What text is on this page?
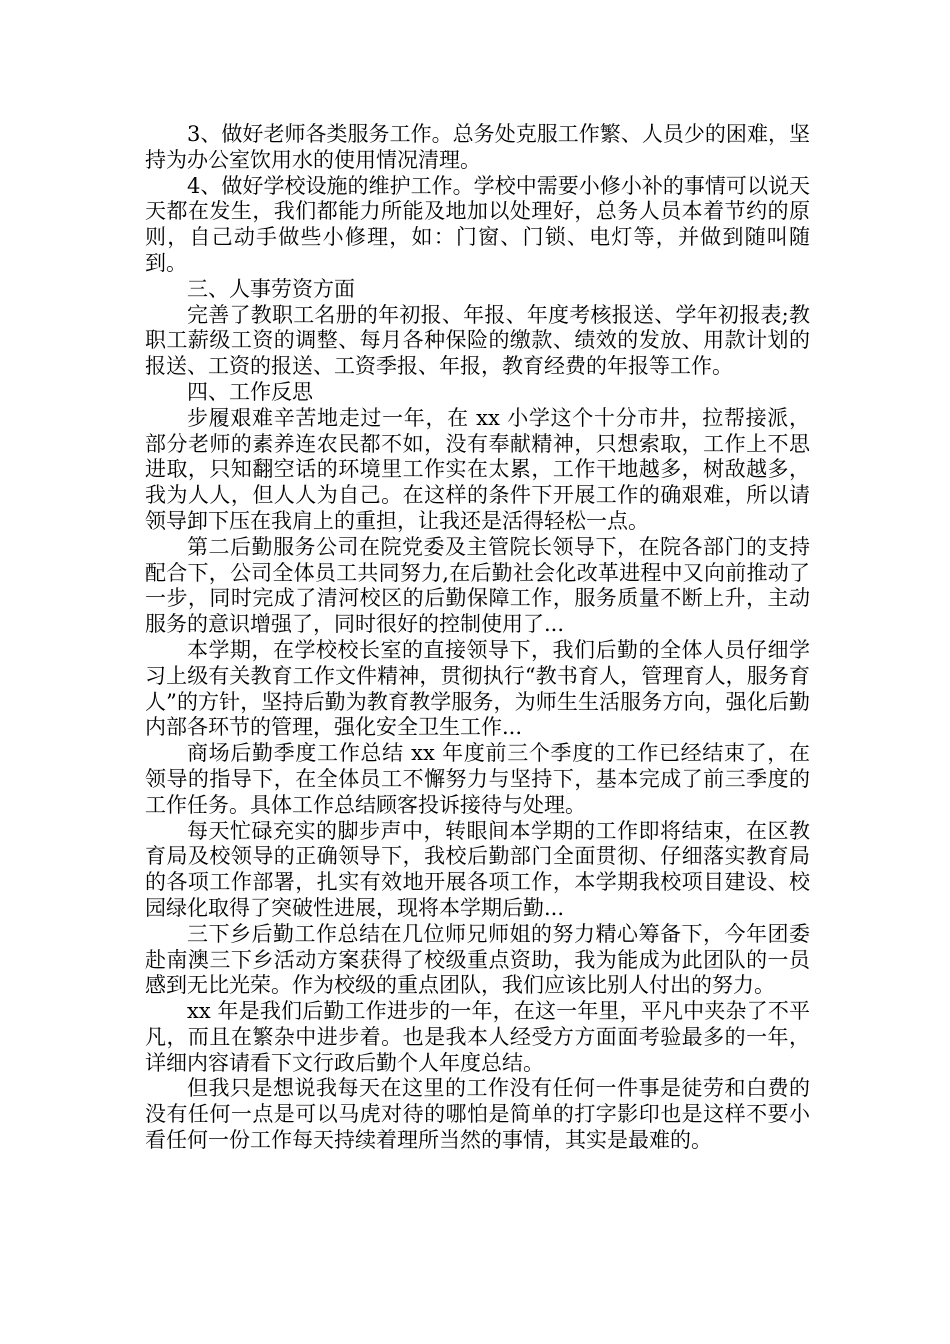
3、做好老师各类服务工作。总务处克服工作繁、人员少的困难，坚持为办公室饮用水的使用情况清理。

4、做好学校设施的维护工作。学校中需要小修小补的事情可以说天天都在发生，我们都能力所能及地加以处理好，总务人员本着节约的原则，自己动手做些小修理，如：门窗、门锁、电灯等，并做到随叫随到。

三、人事劳资方面

完善了教职工名册的年初报、年报、年度考核报送、学年初报表;教职工薪级工资的调整、每月各种保险的缴款、绩效的发放、用款计划的报送、工资的报送、工资季报、年报，教育经费的年报等工作。

四、工作反思

步履艰难辛苦地走过一年，在 xx 小学这个十分市井，拉帮接派，部分老师的素养连农民都不如，没有奉献精神，只想索取，工作上不思进取，只知翻空话的环境里工作实在太累，工作干地越多，树敌越多，我为人人，但人人为自己。在这样的条件下开展工作的确艰难，所以请领导卸下压在我肩上的重担，让我还是活得轻松一点。

第二后勤服务公司在院党委及主管院长领导下，在院各部门的支持配合下，公司全体员工共同努力,在后勤社会化改革进程中又向前推动了一步，同时完成了清河校区的后勤保障工作，服务质量不断上升，主动服务的意识增强了，同时很好的控制使用了...

本学期，在学校校长室的直接领导下，我们后勤的全体人员仔细学习上级有关教育工作文件精神，贯彻执行“教书育人，管理育人，服务育人”的方针，坚持后勤为教育教学服务，为师生生活服务方向，强化后勤内部各环节的管理，强化安全卫生工作...

商场后勤季度工作总结 xx 年度前三个季度的工作已经结束了，在领导的指导下，在全体员工不懈努力与坚持下，基本完成了前三季度的工作任务。具体工作总结顾客投诉接待与处理。

每天忙碌充实的脚步声中，转眼间本学期的工作即将结束，在区教育局及校领导的正确领导下，我校后勤部门全面贯彻、仔细落实教育局的各项工作部署，扎实有效地开展各项工作，本学期我校项目建设、校园绿化取得了突破性进展，现将本学期后勤...

三下乡后勤工作总结在几位师兄师姐的努力精心筹备下，今年团委赴南澳三下乡活动方案获得了校级重点资助，我为能成为此团队的一员感到无比光荣。作为校级的重点团队，我们应该比别人付出的努力。

xx 年是我们后勤工作进步的一年，在这一年里，平凡中夹杂了不平凡，而且在繁杂中进步着。也是我本人经受方方面面考验最多的一年，详细内容请看下文行政后勤个人年度总结。

但我只是想说我每天在这里的工作没有任何一件事是徒劳和白费的没有任何一点是可以马虎对待的哪怕是简单的打字影印也是这样不要小看任何一份工作每天持续着理所当然的事情，其实是最难的。
